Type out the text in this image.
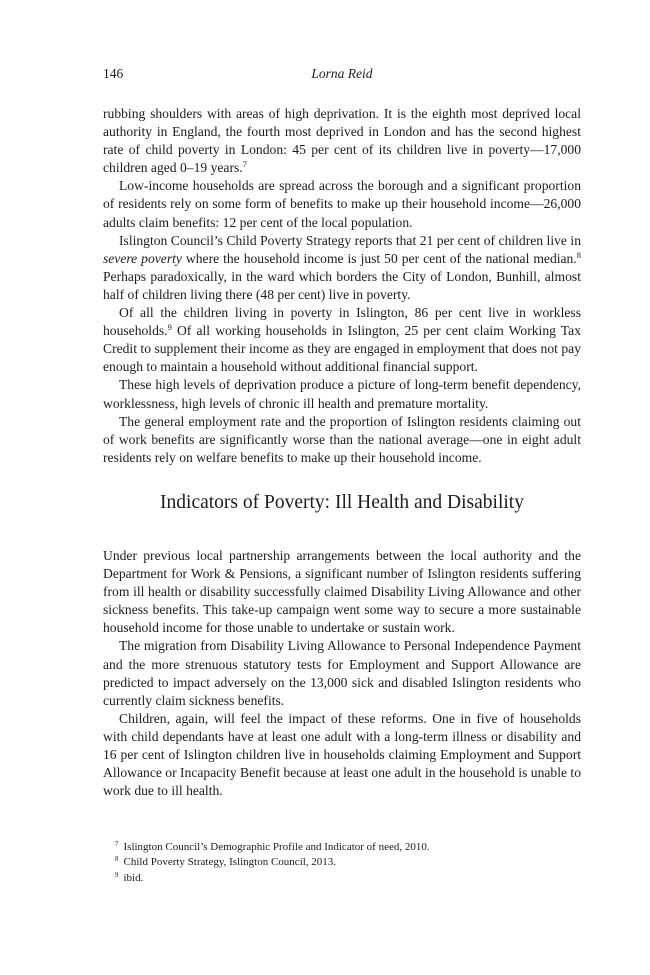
146	Lorna Reid

rubbing shoulders with areas of high deprivation. It is the eighth most deprived local authority in England, the fourth most deprived in London and has the second highest rate of child poverty in London: 45 per cent of its children live in poverty—17,000 children aged 0–19 years.$^7$

Low-income households are spread across the borough and a significant proportion of residents rely on some form of benefits to make up their household income—26,000 adults claim benefits: 12 per cent of the local population.

Islington Council’s Child Poverty Strategy reports that 21 per cent of children live in severe poverty where the household income is just 50 per cent of the national median.$^8$ Perhaps paradoxically, in the ward which borders the City of London, Bunhill, almost half of children living there (48 per cent) live in poverty.

Of all the children living in poverty in Islington, 86 per cent live in workless households.$^9$ Of all working households in Islington, 25 per cent claim Working Tax Credit to supplement their income as they are engaged in employment that does not pay enough to maintain a household without additional financial support.

These high levels of deprivation produce a picture of long-term benefit dependency, worklessness, high levels of chronic ill health and premature mortality.

The general employment rate and the proportion of Islington residents claiming out of work benefits are significantly worse than the national average—one in eight adult residents rely on welfare benefits to make up their household income.

Indicators of Poverty: Ill Health and Disability

Under previous local partnership arrangements between the local authority and the Department for Work & Pensions, a significant number of Islington residents suffering from ill health or disability successfully claimed Disability Living Allowance and other sickness benefits. This take-up campaign went some way to secure a more sustainable household income for those unable to undertake or sustain work.

The migration from Disability Living Allowance to Personal Independence Payment and the more strenuous statutory tests for Employment and Support Allowance are predicted to impact adversely on the 13,000 sick and disabled Islington residents who currently claim sickness benefits.

Children, again, will feel the impact of these reforms. One in five of households with child dependants have at least one adult with a long-term illness or disability and 16 per cent of Islington children live in households claiming Employment and Support Allowance or Incapacity Benefit because at least one adult in the household is unable to work due to ill health.

$^7$ Islington Council’s Demographic Profile and Indicator of need, 2010.
$^8$ Child Poverty Strategy, Islington Council, 2013.
$^9$ ibid.
